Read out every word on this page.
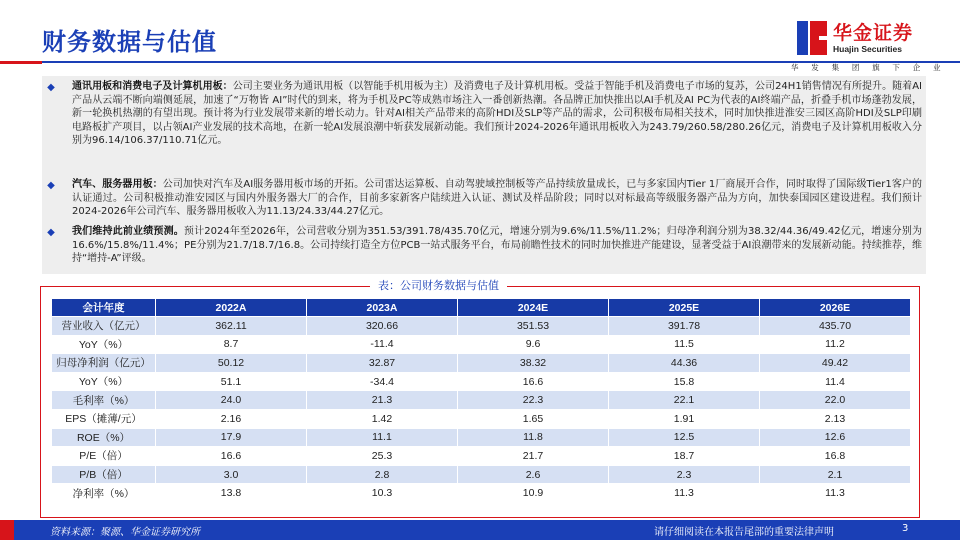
财务数据与估值	华金证券
Huajin Securities
华 发 集 团 旗 下 企 业
◆ 通讯用板和消费电子及计算机用板：公司主要业务为通讯用板（以智能手机用板为主）及消费电子及计算机用板。受益于智能手机及消费电子市场的复苏，公司24H1销售情况有所提升。随着AI产品从云端不断向端侧延展，加速了“万物皆 AI”时代的到来，将为手机及PC等成熟市场注入一番创新热潮。各品牌正加快推出以AI手机及AI PC为代表的AI终端产品，折叠手机市场蓬勃发展，新一轮换机热潮的有望出现。预计将为行业发展带来新的增长动力。针对AI相关产品带来的高阶HDI及SLP等产品的需求，公司积极布局相关技术，同时加快推进淮安三园区高阶HDI及SLP印刷电路板扩产项目，以占领AI产业发展的技术高地，在新一轮AI发展浪潮中斩获发展新动能。我们预计2024-2026年通讯用板收入为243.79/260.58/280.26亿元，消费电子及计算机用板收入分别为96.14/106.37/110.71亿元。
◆ 汽车、服务器用板：公司加快对汽车及AI服务器用板市场的开拓。公司雷达运算板、自动驾驶域控制板等产品持续放量成长，已与多家国内Tier 1厂商展开合作，同时取得了国际级Tier1客户的认证通过。公司积极推动淮安园区与国内外服务器大厂的合作，目前多家新客户陆续进入认证、测试及样品阶段；同时以对标最高等级服务器产品为方向，加快泰国园区建设进程。我们预计2024-2026年公司汽车、服务器用板收入为11.13/24.33/44.27亿元。
◆ 我们维持此前业绩预测。预计2024年至2026年，公司营收分别为351.53/391.78/435.70亿元，增速分别为9.6%/11.5%/11.2%；归母净利润分别为38.32/44.36/49.42亿元，增速分别为16.6%/15.8%/11.4%；PE分别为21.7/18.7/16.8。公司持续打造全方位PCB一站式服务平台，布局前瞻性技术的同时加快推进产能建设，显著受益于AI浪潮带来的发展新动能。持续推荐，维持“增持-A”评级。
表：公司财务数据与估值
会计年度	2022A	2023A	2024E	2025E	2026E
营业收入（亿元）	362.11	320.66	351.53	391.78	435.70
YoY（%）	8.7	-11.4	9.6	11.5	11.2
归母净利润（亿元）	50.12	32.87	38.32	44.36	49.42
YoY（%）	51.1	-34.4	16.6	15.8	11.4
毛利率（%）	24.0	21.3	22.3	22.1	22.0
EPS（摊薄/元）	2.16	1.42	1.65	1.91	2.13
ROE（%）	17.9	11.1	11.8	12.5	12.6
P/E（倍）	16.6	25.3	21.7	18.7	16.8
P/B（倍）	3.0	2.8	2.6	2.3	2.1
净利率（%）	13.8	10.3	10.9	11.3	11.3
资料来源：聚源、华金证券研究所	请仔细阅读在本报告尾部的重要法律声明	3
